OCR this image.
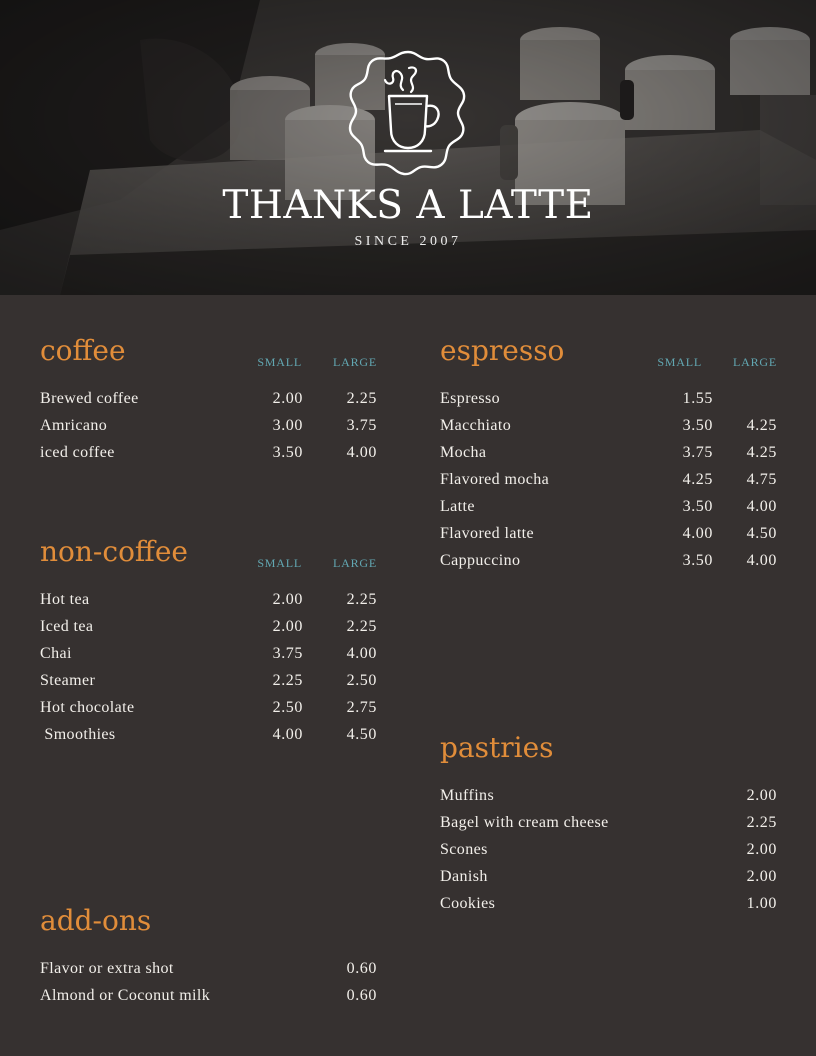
THANKS A LATTE
SINCE 2007
coffee	SMALL	LARGE
Brewed coffee	2.00	2.25
Amricano	3.00	3.75
iced coffee	3.50	4.00
non-coffee	SMALL	LARGE
Hot tea	2.00	2.25
Iced tea	2.00	2.25
Chai	3.75	4.00
Steamer	2.25	2.50
Hot chocolate	2.50	2.75
Smoothies	4.00	4.50
add-ons
Flavor or extra shot	0.60
Almond or Coconut milk	0.60
espresso	SMALL	LARGE
Espresso	1.55
Macchiato	3.50	4.25
Mocha	3.75	4.25
Flavored mocha	4.25	4.75
Latte	3.50	4.00
Flavored latte	4.00	4.50
Cappuccino	3.50	4.00
pastries
Muffins	2.00
Bagel with cream cheese	2.25
Scones	2.00
Danish	2.00
Cookies	1.00
